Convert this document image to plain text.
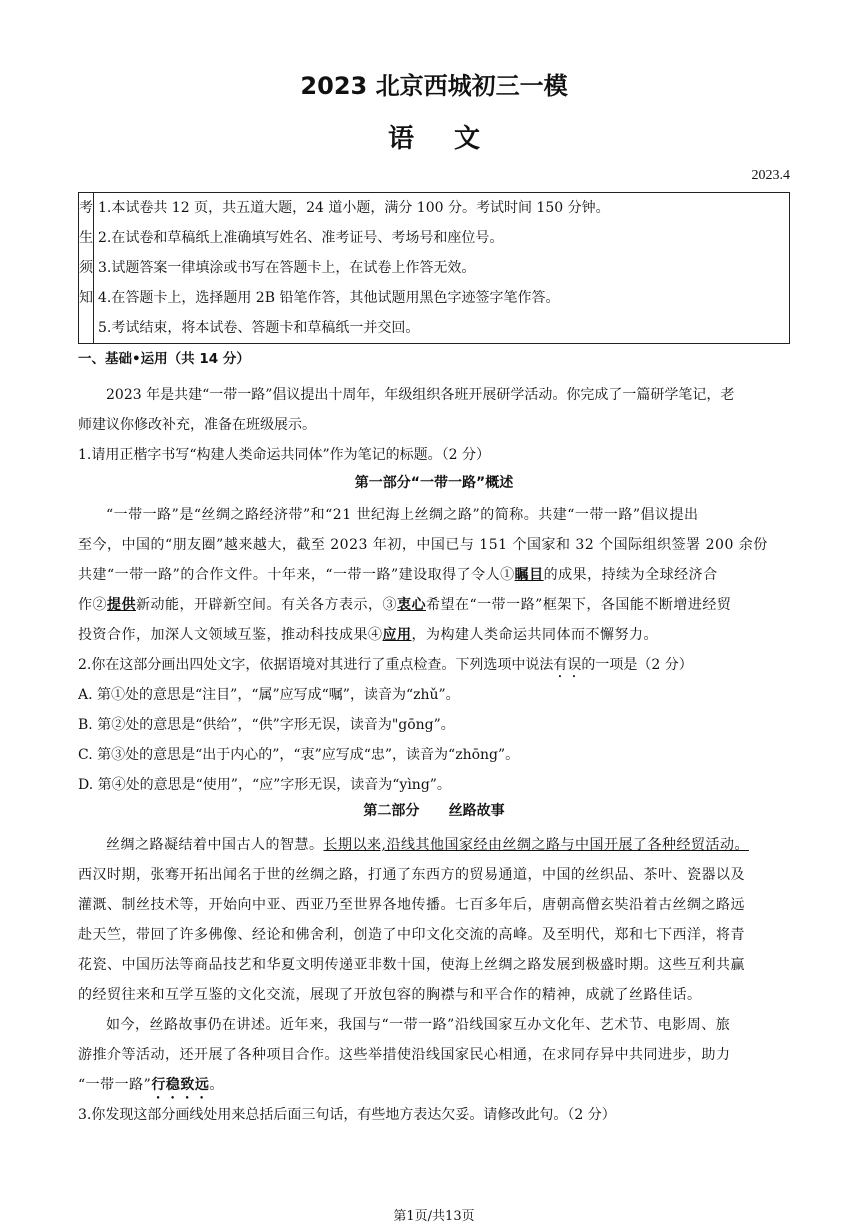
2023 北京西城初三一模
语文
2023.4
考
生
须
知

1.本试卷共 12 页，共五道大题，24 道小题，满分 100 分。考试时间 150 分钟。
2.在试卷和草稿纸上准确填写姓名、准考证号、考场号和座位号。
3.试题答案一律填涂或书写在答题卡上，在试卷上作答无效。
4.在答题卡上，选择题用 2B 铅笔作答，其他试题用黑色字迹签字笔作答。
5.考试结束，将本试卷、答题卡和草稿纸一并交回。
一、基础•运用（共 14 分）
2023 年是共建“一带一路”倡议提出十周年，年级组织各班开展研学活动。你完成了一篇研学笔记，老
师建议你修改补充，准备在班级展示。
1.请用正楷字书写“构建人类命运共同体”作为笔记的标题。（2 分）
第一部分“一带一路”概述
“一带一路”是“丝绸之路经济带”和“21 世纪海上丝绸之路”的简称。共建“一带一路”倡议提出
至今，中国的“朋友圈”越来越大，截至 2023 年初，中国已与 151 个国家和 32 个国际组织签署 200 余份
共建“一带一路”的合作文件。十年来，“一带一路”建设取得了令人①瞩目的成果，持续为全球经济合
作②提供新动能，开辟新空间。有关各方表示，③衷心希望在“一带一路”框架下，各国能不断增进经贸
投资合作，加深人文领域互鉴，推动科技成果④应用，为构建人类命运共同体而不懈努力。
2.你在这部分画出四处文字，依据语境对其进行了重点检查。下列选项中说法有误的一项是（2 分）
A. 第①处的意思是“注目”，“属”应写成“嘱”，读音为“zhǔ”。
B. 第②处的意思是“供给”，“供”字形无误，读音为"gōng”。
C. 第③处的意思是“出于内心的”，“衷”应写成“忠”，读音为“zhōng”。
D. 第④处的意思是“使用”，“应”字形无误，读音为“yìng”。
第二部分      丝路故事
丝绸之路凝结着中国古人的智慧。长期以来,沿线其他国家经由丝绸之路与中国开展了各种经贸活动。
西汉时期，张骞开拓出闻名于世的丝绸之路，打通了东西方的贸易通道，中国的丝织品、茶叶、瓷器以及
灌溉、制丝技术等，开始向中亚、西亚乃至世界各地传播。七百多年后，唐朝高僧玄奘沿着古丝绸之路远
赴天竺，带回了许多佛像、经论和佛舍利，创造了中印文化交流的高峰。及至明代，郑和七下西洋，将青
花瓷、中国历法等商品技艺和华夏文明传递亚非数十国，使海上丝绸之路发展到极盛时期。这些互利共赢
的经贸往来和互学互鉴的文化交流，展现了开放包容的胸襟与和平合作的精神，成就了丝路佳话。
如今，丝路故事仍在讲述。近年来，我国与“一带一路”沿线国家互办文化年、艺术节、电影周、旅
游推介等活动，还开展了各种项目合作。这些举措使沿线国家民心相通，在求同存异中共同进步，助力
“一带一路”行稳致远。
3.你发现这部分画线处用来总括后面三句话，有些地方表达欠妥。请修改此句。（2 分）
第1页/共13页
